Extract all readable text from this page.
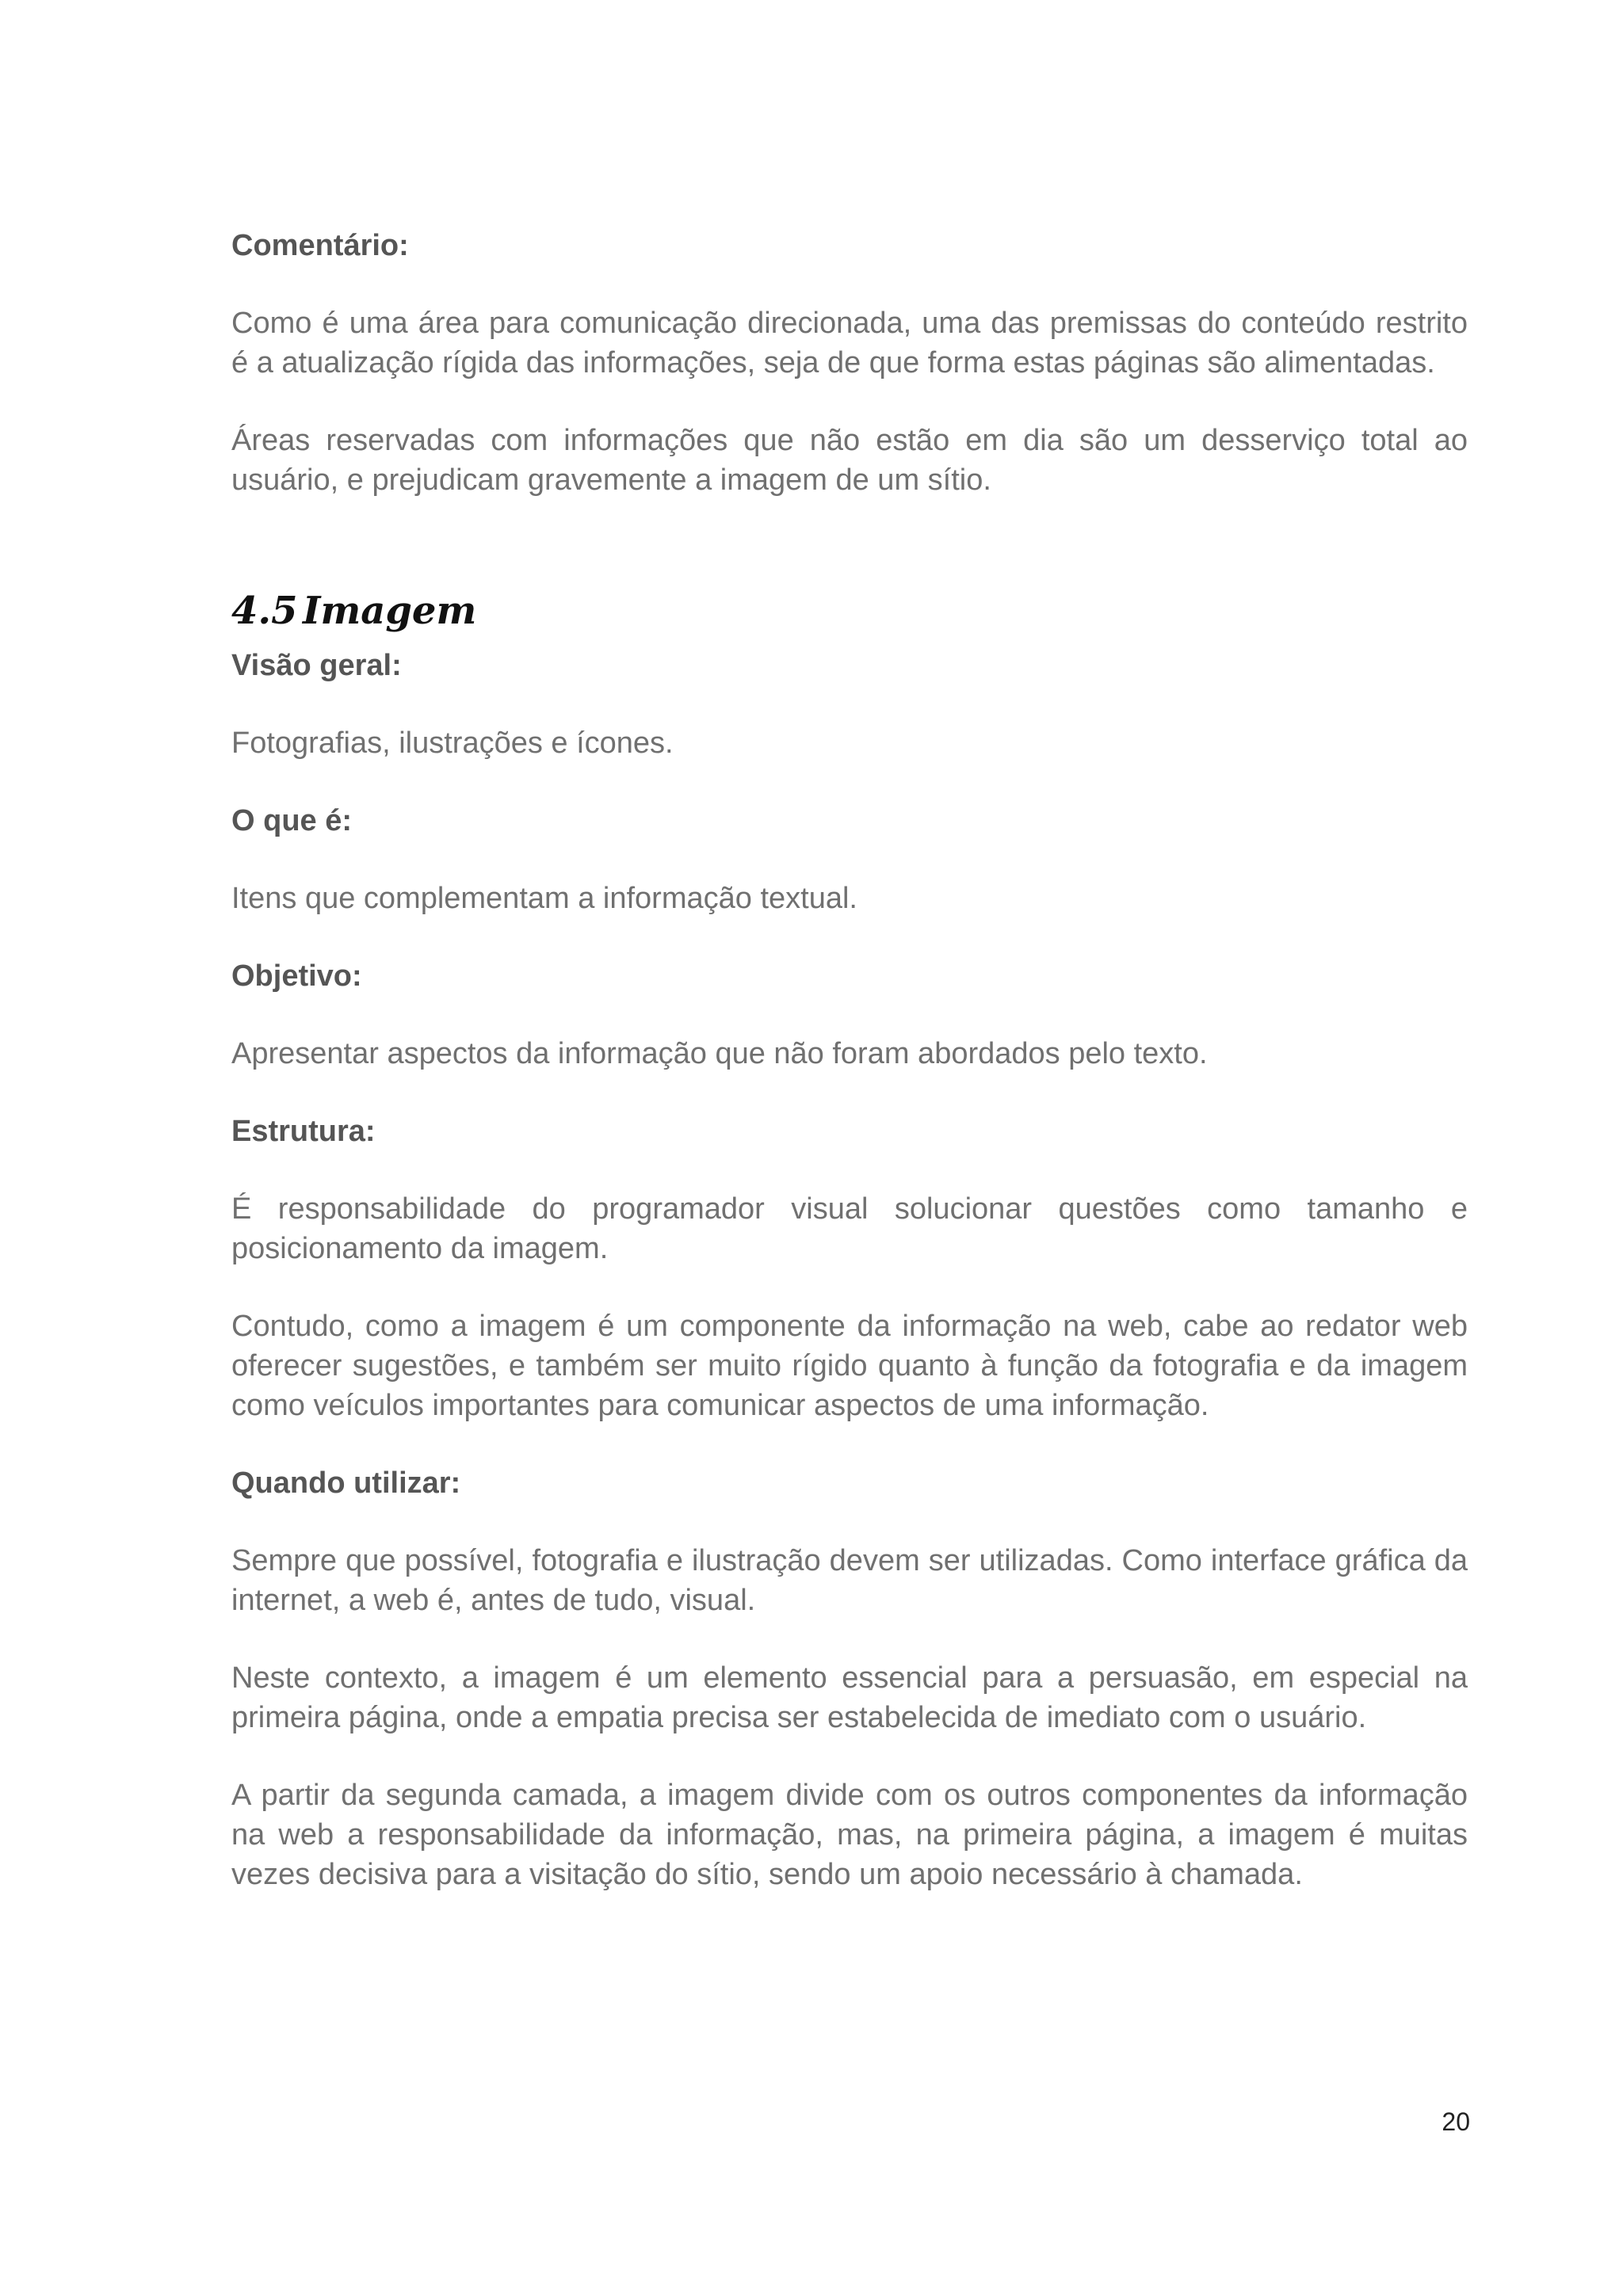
Comentário:

Como é uma área para comunicação direcionada, uma das premissas do conteúdo restrito é a atualização rígida das informações, seja de que forma estas páginas são alimentadas.

Áreas reservadas com informações que não estão em dia são um desserviço total ao usuário, e prejudicam gravemente a imagem de um sítio.

4.5 Imagem

Visão geral:

Fotografias, ilustrações e ícones.

O que é:

Itens que complementam a informação textual.

Objetivo:

Apresentar aspectos da informação que não foram abordados pelo texto.

Estrutura:

É responsabilidade do programador visual solucionar questões como tamanho e posicionamento da imagem.

Contudo, como a imagem é um componente da informação na web, cabe ao redator web oferecer sugestões, e também ser muito rígido quanto à função da fotografia e da imagem como veículos importantes para comunicar aspectos de uma informação.

Quando utilizar:

Sempre que possível, fotografia e ilustração devem ser utilizadas. Como interface gráfica da internet, a web é, antes de tudo, visual.

Neste contexto, a imagem é um elemento essencial para a persuasão, em especial na primeira página, onde a empatia precisa ser estabelecida de imediato com o usuário.

A partir da segunda camada, a imagem divide com os outros componentes da informação na web a responsabilidade da informação, mas, na primeira página, a imagem é muitas vezes decisiva para a visitação do sítio, sendo um apoio necessário à chamada.

20
